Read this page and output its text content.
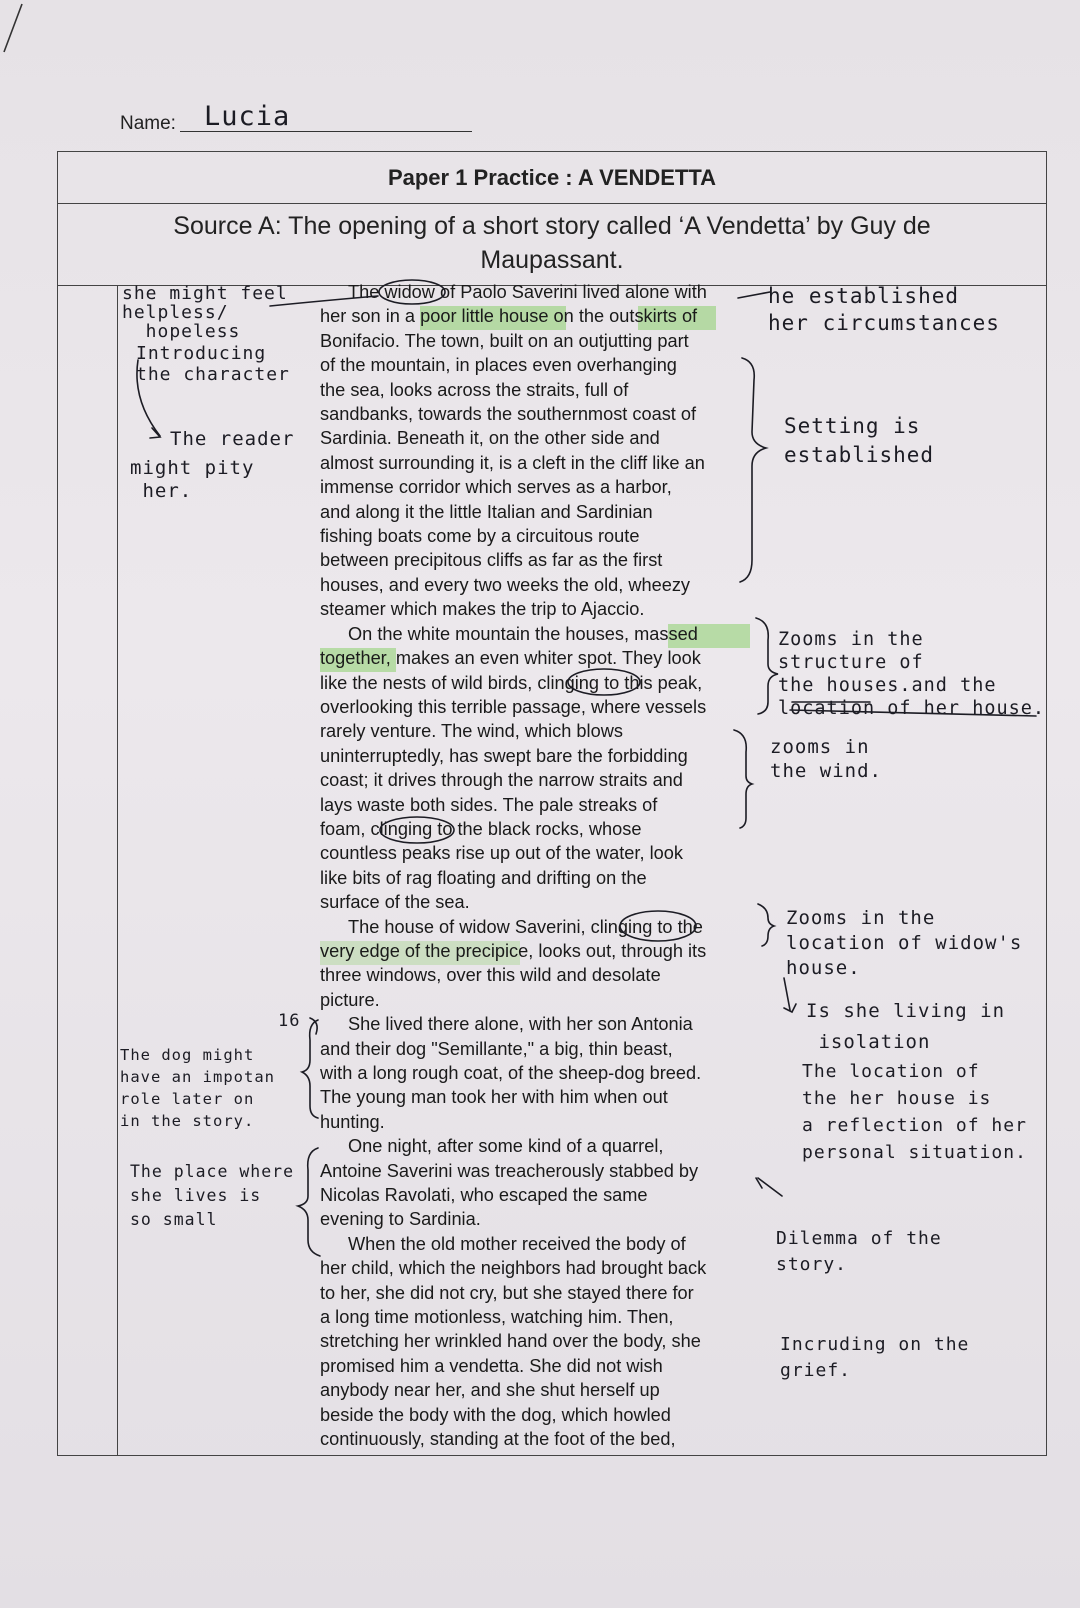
Name: Lucia
Paper 1 Practice : A VENDETTA
Source A: The opening of a short story called ‘A Vendetta’ by Guy de Maupassant.

The widow of Paolo Saverini lived alone with

her son in a poor little house on the outskirts of

Bonifacio. The town, built on an outjutting part

of the mountain, in places even overhanging

the sea, looks across the straits, full of

sandbanks, towards the southernmost coast of

Sardinia. Beneath it, on the other side and

almost surrounding it, is a cleft in the cliff like an

immense corridor which serves as a harbor,

and along it the little Italian and Sardinian

fishing boats come by a circuitous route

between precipitous cliffs as far as the first

houses, and every two weeks the old, wheezy

steamer which makes the trip to Ajaccio.

On the white mountain the houses, massed

together, makes an even whiter spot. They look

like the nests of wild birds, clinging to this peak,

overlooking this terrible passage, where vessels

rarely venture. The wind, which blows

uninterruptedly, has swept bare the forbidding

coast; it drives through the narrow straits and

lays waste both sides. The pale streaks of

foam, clinging to the black rocks, whose

countless peaks rise up out of the water, look

like bits of rag floating and drifting on the

surface of the sea.

The house of widow Saverini, clinging to the

very edge of the precipice, looks out, through its

three windows, over this wild and desolate

picture.

She lived there alone, with her son Antonia

and their dog "Semillante," a big, thin beast,

with a long rough coat, of the sheep-dog breed.

The young man took her with him when out

hunting.

One night, after some kind of a quarrel,

Antoine Saverini was treacherously stabbed by

Nicolas Ravolati, who escaped the same

evening to Sardinia.

When the old mother received the body of

her child, which the neighbors had brought back

to her, she did not cry, but she stayed there for

a long time motionless, watching him. Then,

stretching her wrinkled hand over the body, she

promised him a vendetta. She did not wish

anybody near her, and she shut herself up

beside the body with the dog, which howled

continuously, standing at the foot of the bed,

she might feel
helpless/
hopeless
Introducing
the character
The reader
might pity
her.
16
The dog might
have an impotan
role later on
in the story.
The place where
she lives is
so small
he established
her circumstances
Setting is
established
Zooms in the
structure of
the houses.and the
location of her house.
zooms in
the wind.
Zooms in the
location of widow's
house.
Is she living in
isolation
The location of
the her house is
a reflection of her
personal situation.
Dilemma of the
story.
Incruding on the
grief.
